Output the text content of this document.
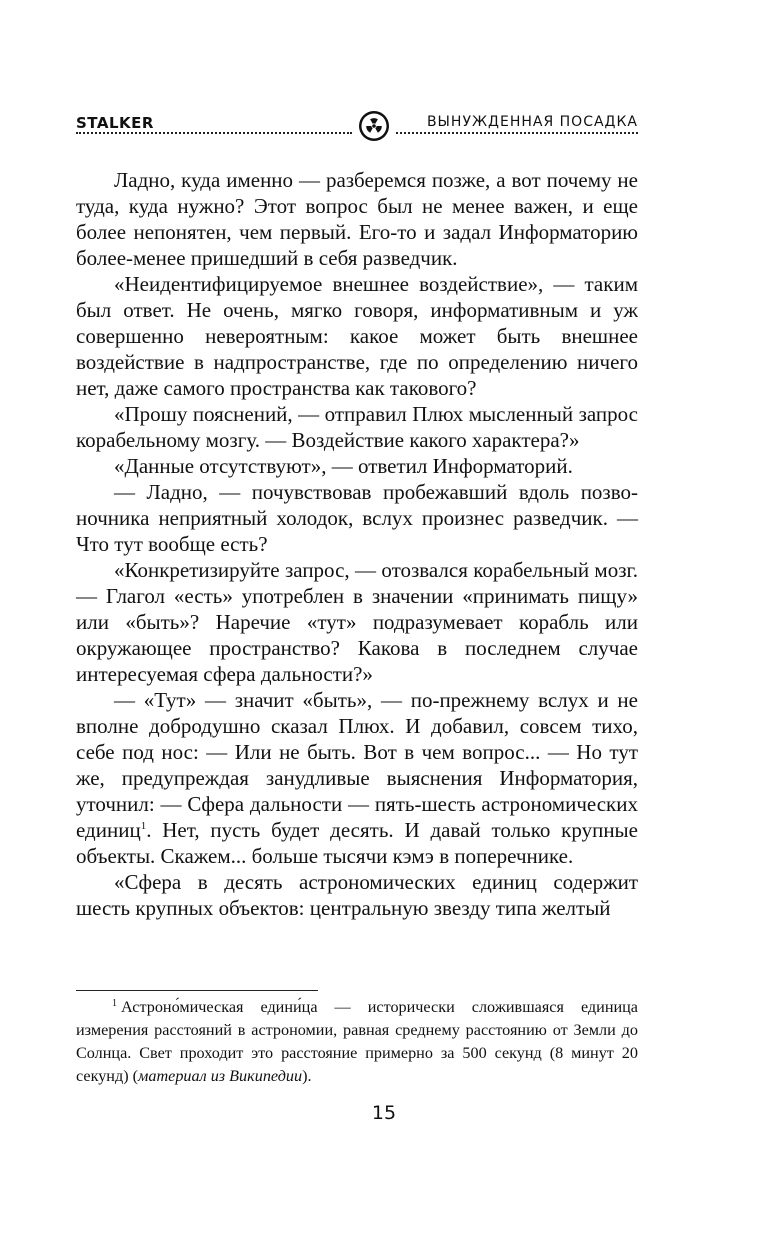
STALKER	ВЫНУЖДЕННАЯ ПОСАДКА

Ладно, куда именно — разберемся позже, а вот почему не туда, куда нужно? Этот вопрос был не менее важен, и еще более непонятен, чем первый. Его-то и задал Информаторию более-менее пришедший в себя разведчик.

«Неидентифицируемое внешнее воздействие», — таким был ответ. Не очень, мягко говоря, информативным и уж совершенно невероятным: какое может быть внешнее воздействие в надпространстве, где по определению ничего нет, даже самого пространства как такового?

«Прошу пояснений, — отправил Плюх мысленный запрос корабельному мозгу. — Воздействие какого характера?»

«Данные отсутствуют», — ответил Информаторий.

— Ладно, — почувствовав пробежавший вдоль позвоночника неприятный холодок, вслух произнес разведчик. — Что тут вообще есть?

«Конкретизируйте запрос, — отозвался корабельный мозг. — Глагол «есть» употреблен в значении «принимать пищу» или «быть»? Наречие «тут» подразумевает корабль или окружающее пространство? Какова в последнем случае интересуемая сфера дальности?»

— «Тут» — значит «быть», — по-прежнему вслух и не вполне добродушно сказал Плюх. И добавил, совсем тихо, себе под нос: — Или не быть. Вот в чем вопрос... — Но тут же, предупреждая занудливые выяснения Информатория, уточнил: — Сфера дальности — пять-шесть астрономических единиц$^1$. Нет, пусть будет десять. И давай только крупные объекты. Скажем... больше тысячи кэмэ в поперечнике.

«Сфера в десять астрономических единиц содержит шесть крупных объектов: центральную звезду типа желтый

$^1$ Астроно́мическая едини́ца — исторически сложившаяся единица измерения расстояний в астрономии, равная среднему расстоянию от Земли до Солнца. Свет проходит это расстояние примерно за 500 секунд (8 минут 20 секунд) (материал из Википедии).

15
